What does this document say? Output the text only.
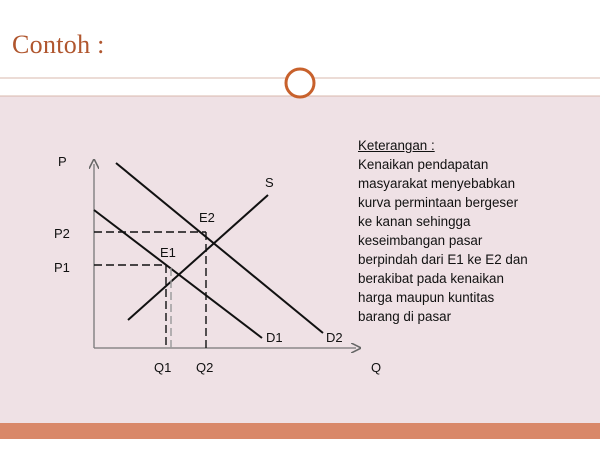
Contoh :
P
Q
P2
P1
Q1 Q2
S
D1	D2
E1
E2
Keterangan :
Kenaikan pendapatan
masyarakat menyebabkan
kurva permintaan bergeser
ke kanan sehingga
keseimbangan pasar
berpindah dari E1 ke E2 dan
berakibat pada kenaikan
harga maupun kuntitas
barang di pasar
